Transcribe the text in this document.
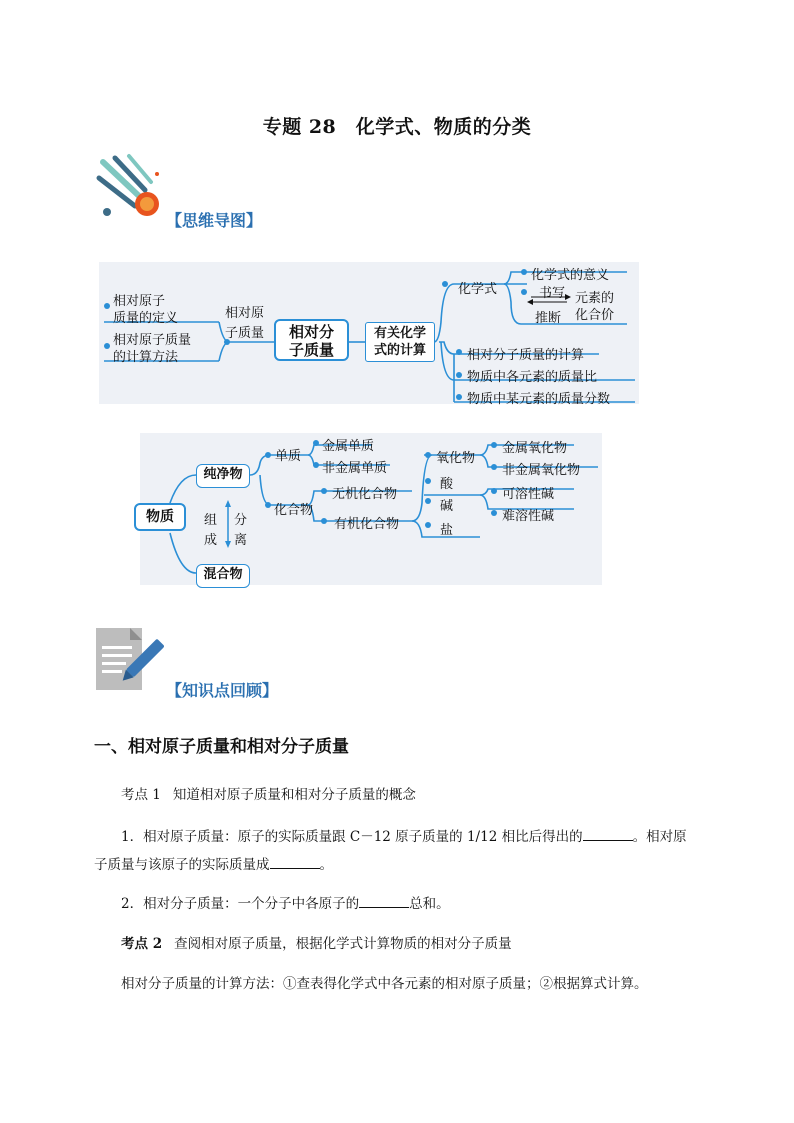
专题 28　化学式、物质的分类
【思维导图】
相对原子
质量的定义
相对原子质量
的计算方法
相对原
子质量	相对分
子质量
有关化学
式的计算
化学式
化学式的意义
书写
推断
元素的
化合价
相对分子质量的计算
物质中各元素的质量比
物质中某元素的质量分数
物质
纯净物
混合物
组
成
分
离
单质
金属单质
非金属单质
化合物
无机化合物
有机化合物
氧化物
酸
碱
盐
金属氧化物
非金属氧化物
可溶性碱
难溶性碱
【知识点回顾】
一、相对原子质量和相对分子质量
考点 1 知道相对原子质量和相对分子质量的概念
1．相对原子质量：原子的实际质量跟 C－12 原子质量的 1/12 相比后得出的	。相对原
子质量与该原子的实际质量成	。
2．相对分子质量：一个分子中各原子的	总和。
考点 2 查阅相对原子质量，根据化学式计算物质的相对分子质量
相对分子质量的计算方法：①查表得化学式中各元素的相对原子质量；②根据算式计算。
